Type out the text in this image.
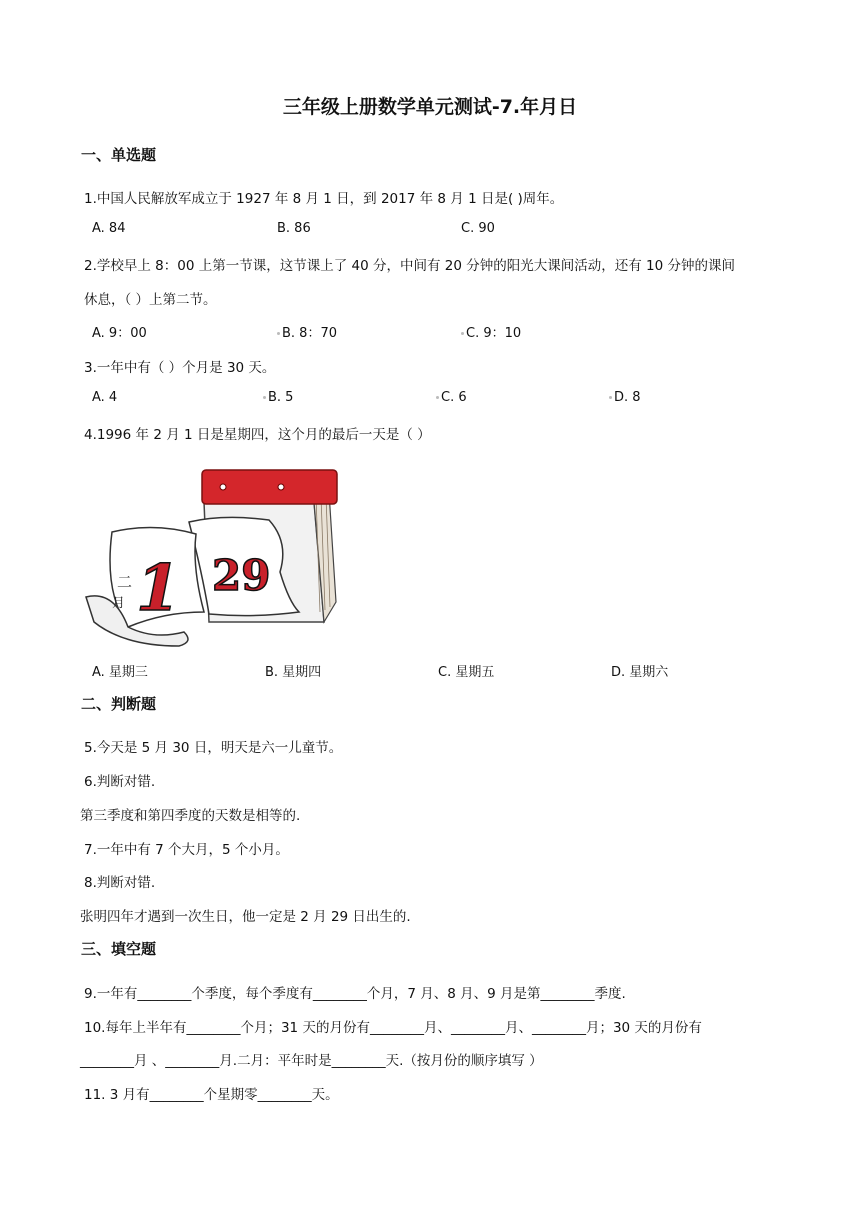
三年级上册数学单元测试-7.年月日
一、单选题
1.中国人民解放军成立于 1927 年 8 月 1 日，到 2017 年 8 月 1 日是( )周年。
A. 84	B. 86	C. 90
2.学校早上 8：00 上第一节课，这节课上了 40 分，中间有 20 分钟的阳光大课间活动，还有 10 分钟的课间
休息，（ ）上第二节。
A. 9：00	B. 8：70	C. 9：10
3.一年中有（ ）个月是 30 天。
A. 4	B. 5	C. 6	D. 8
4.1996 年 2 月 1 日是星期四，这个月的最后一天是（ ）
29
二
月 1
A. 星期三	B. 星期四	C. 星期五	D. 星期六
二、判断题
5.今天是 5 月 30 日，明天是六一儿童节。
6.判断对错.
第三季度和第四季度的天数是相等的.
7.一年中有 7 个大月，5 个小月。
8.判断对错.
张明四年才遇到一次生日，他一定是 2 月 29 日出生的.
三、填空题
9.一年有________个季度，每个季度有________个月，7 月、8 月、9 月是第________季度.
10.每年上半年有________个月；31 天的月份有________月、________月、________月；30 天的月份有
________月 、________月.二月：平年时是________天.（按月份的顺序填写 ）
11. 3 月有________个星期零________天。
